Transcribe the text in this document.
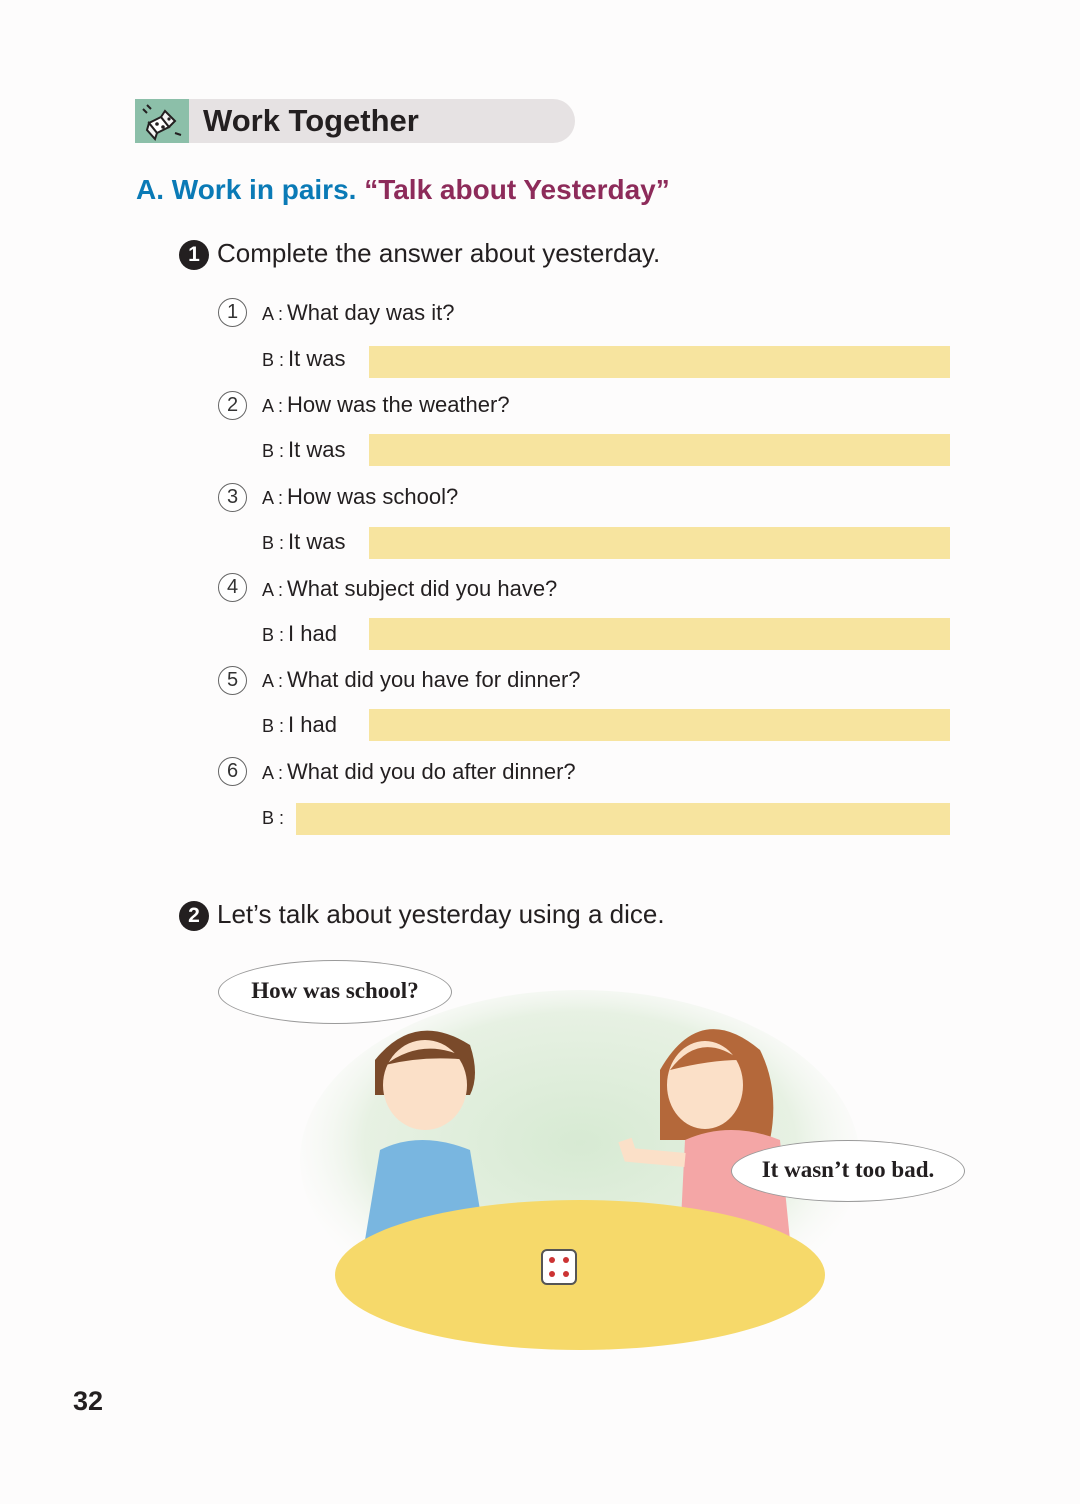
Work Together
A. Work in pairs. “Talk about Yesterday”
1 Complete the answer about yesterday.
1	A : What day was it?
B : It was
2	A : How was the weather?
B : It was
3	A : How was school?
B : It was
4	A : What subject did you have?
B : I had
5	A : What did you have for dinner?
B : I had
6	A : What did you do after dinner?
B :
2 Let’s talk about yesterday using a dice.
How was school?
It wasn’t too bad.
32
